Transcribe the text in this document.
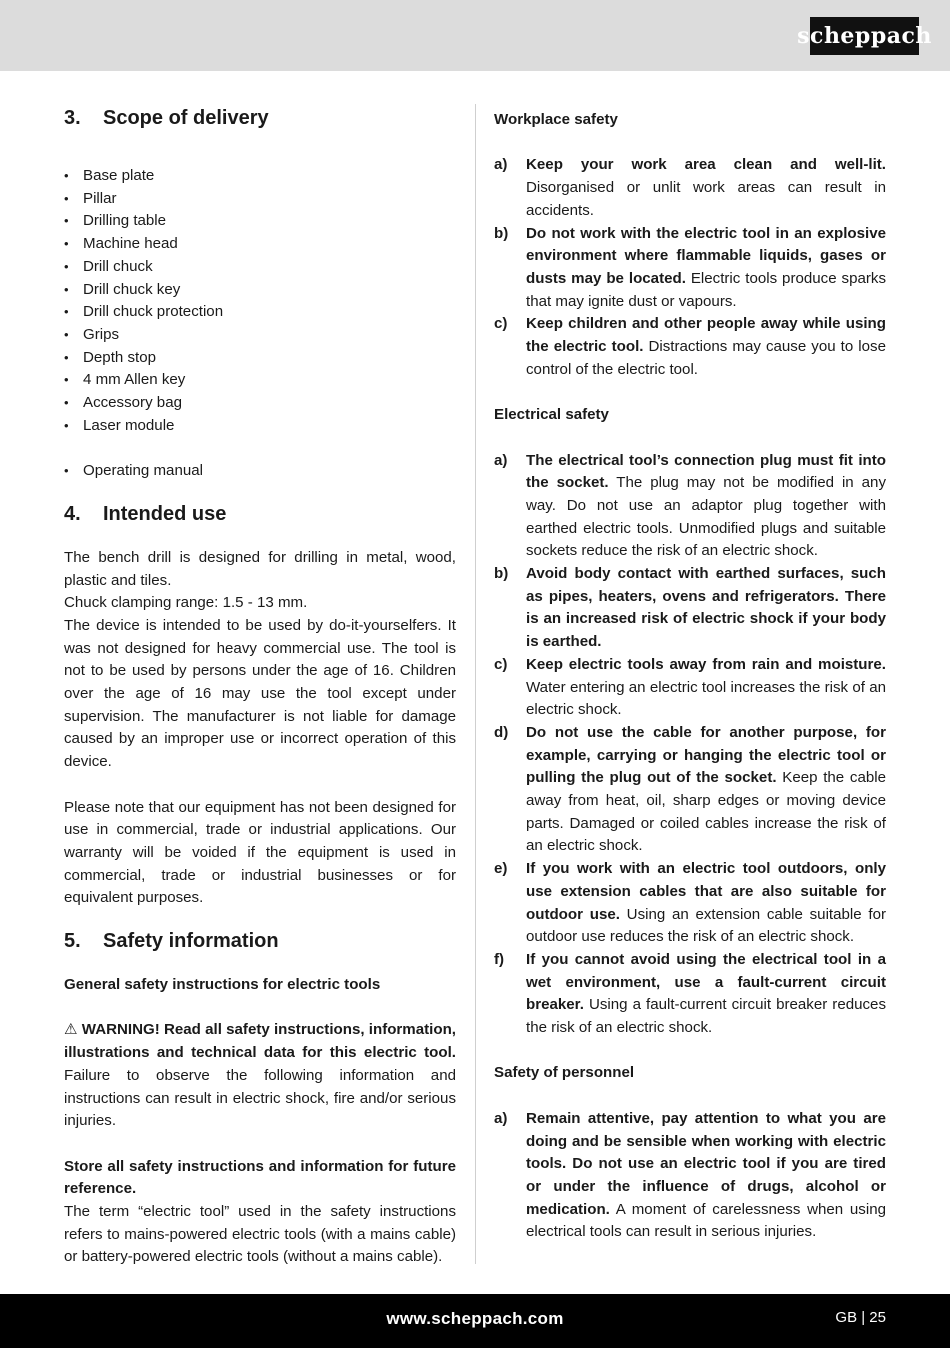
scheppach
3.	Scope of delivery
• Base plate
• Pillar
• Drilling table
• Machine head
• Drill chuck
• Drill chuck key
• Drill chuck protection
• Grips
• Depth stop
• 4 mm Allen key
• Accessory bag
• Laser module
• Operating manual
4.	Intended use

The bench drill is designed for drilling in metal, wood, plastic and tiles.

Chuck clamping range: 1.5 - 13 mm.

The device is intended to be used by do-it-yourselfers. It was not designed for heavy commercial use. The tool is not to be used by persons under the age of 16. Children over the age of 16 may use the tool except under supervision. The manufacturer is not liable for damage caused by an improper use or incorrect operation of this device.

Please note that our equipment has not been designed for use in commercial, trade or industrial applications. Our warranty will be voided if the equipment is used in commercial, trade or industrial businesses or for equivalent purposes.

5.	Safety information

General safety instructions for electric tools

⚠ WARNING! Read all safety instructions, information, illustrations and technical data for this electric tool. Failure to observe the following information and instructions can result in electric shock, fire and/or serious injuries.

Store all safety instructions and information for future reference.

The term “electric tool” used in the safety instructions refers to mains-powered electric tools (with a mains cable) or battery-powered electric tools (without a mains cable).

Workplace safety

a)	Keep your work area clean and well-lit. Disorganised or unlit work areas can result in accidents.
b)	Do not work with the electric tool in an explosive environment where flammable liquids, gases or dusts may be located. Electric tools produce sparks that may ignite dust or vapours.
c)	Keep children and other people away while using the electric tool. Distractions may cause you to lose control of the electric tool.

Electrical safety

a)	The electrical tool’s connection plug must fit into the socket. The plug may not be modified in any way. Do not use an adaptor plug together with earthed electric tools. Unmodified plugs and suitable sockets reduce the risk of an electric shock.
b)	Avoid body contact with earthed surfaces, such as pipes, heaters, ovens and refrigerators. There is an increased risk of electric shock if your body is earthed.
c)	Keep electric tools away from rain and moisture. Water entering an electric tool increases the risk of an electric shock.
d)	Do not use the cable for another purpose, for example, carrying or hanging the electric tool or pulling the plug out of the socket. Keep the cable away from heat, oil, sharp edges or moving device parts. Damaged or coiled cables increase the risk of an electric shock.
e)	If you work with an electric tool outdoors, only use extension cables that are also suitable for outdoor use. Using an extension cable suitable for outdoor use reduces the risk of an electric shock.
f)	If you cannot avoid using the electrical tool in a wet environment, use a fault-current circuit breaker. Using a fault-current circuit breaker reduces the risk of an electric shock.

Safety of personnel

a)	Remain attentive, pay attention to what you are doing and be sensible when working with electric tools. Do not use an electric tool if you are tired or under the influence of drugs, alcohol or medication. A moment of carelessness when using electrical tools can result in serious injuries.
www.scheppach.com	GB | 25
